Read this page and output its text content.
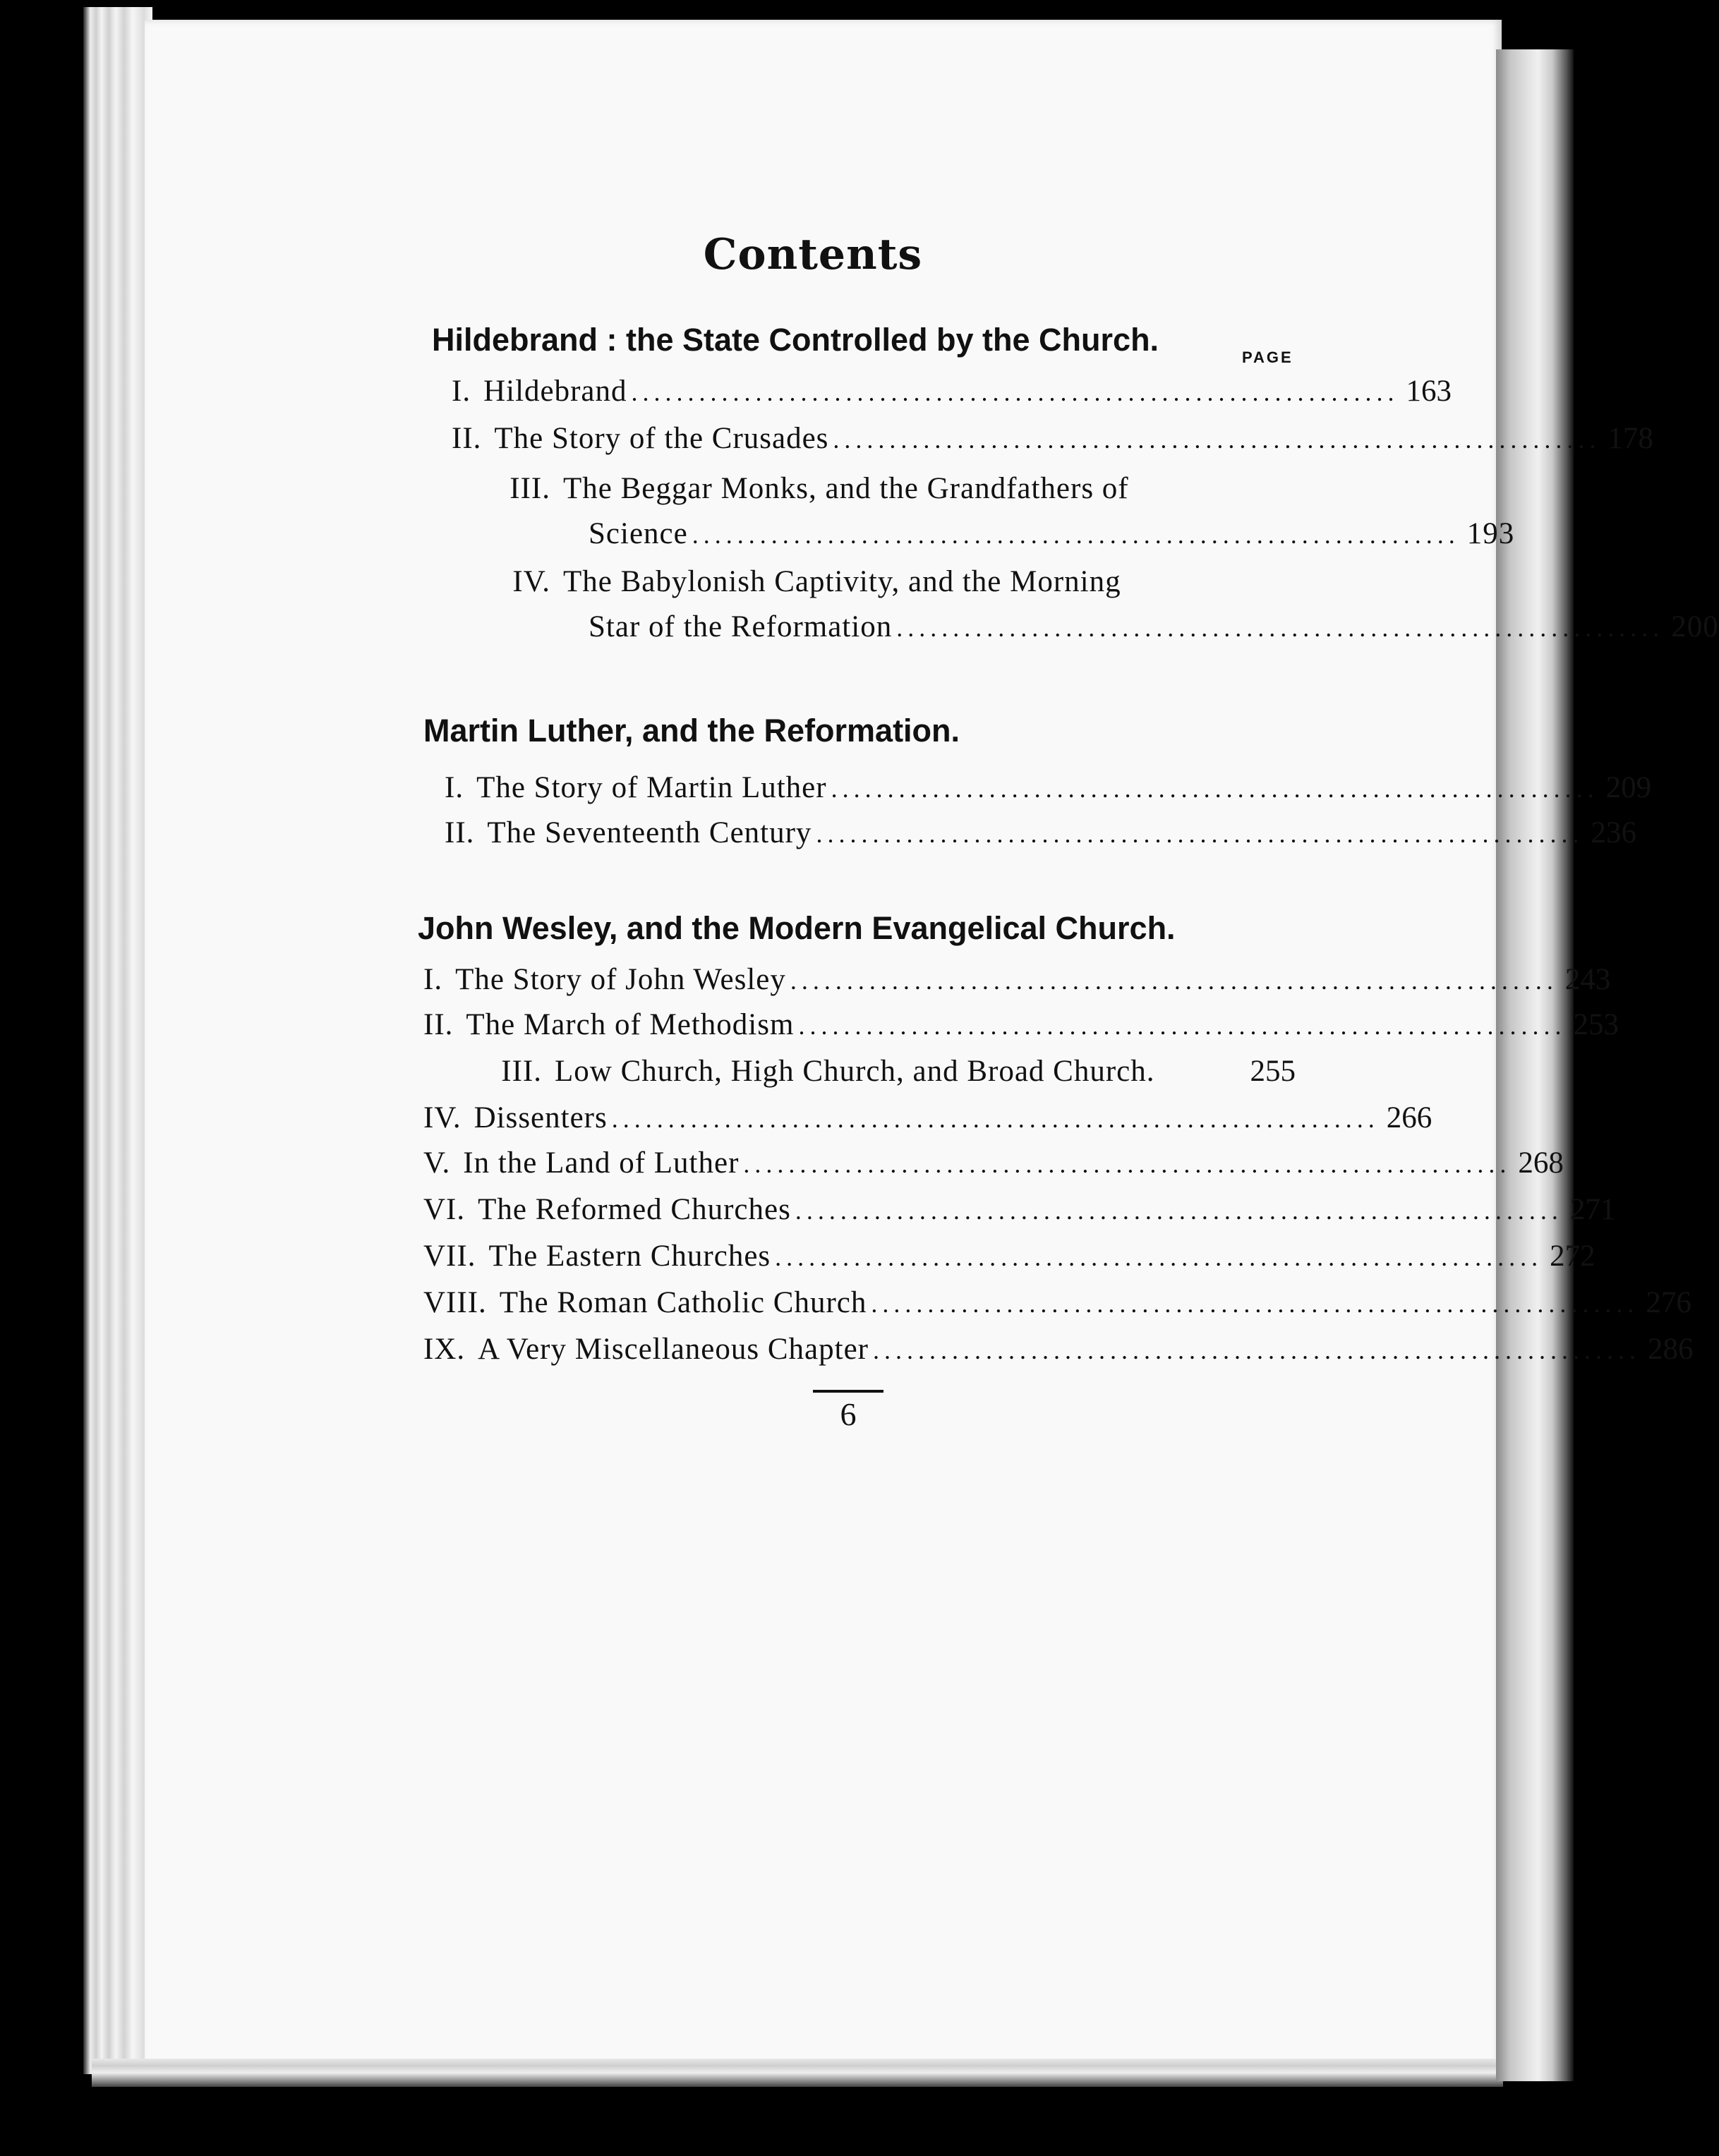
Contents
Hildebrand : the State Controlled by the Church.	PAGE
I. Hildebrand .................................................................... 163
II. The Story of the Crusades .................................................................... 178
III. The Beggar Monks, and the Grandfathers of
Science .................................................................... 193
IV. The Babylonish Captivity, and the Morning
Star of the Reformation .................................................................... 200
Martin Luther, and the Reformation.
I. The Story of Martin Luther .................................................................... 209
II. The Seventeenth Century .................................................................... 236
John Wesley, and the Modern Evangelical Church.
I. The Story of John Wesley .................................................................... 243
II. The March of Methodism .................................................................... 253
III. Low Church, High Church, and Broad Church.	255
IV. Dissenters .................................................................... 266
V. In the Land of Luther .................................................................... 268
VI. The Reformed Churches .................................................................... 271
VII. The Eastern Churches .................................................................... 272
VIII. The Roman Catholic Church .................................................................... 276
IX. A Very Miscellaneous Chapter .................................................................... 286
6
